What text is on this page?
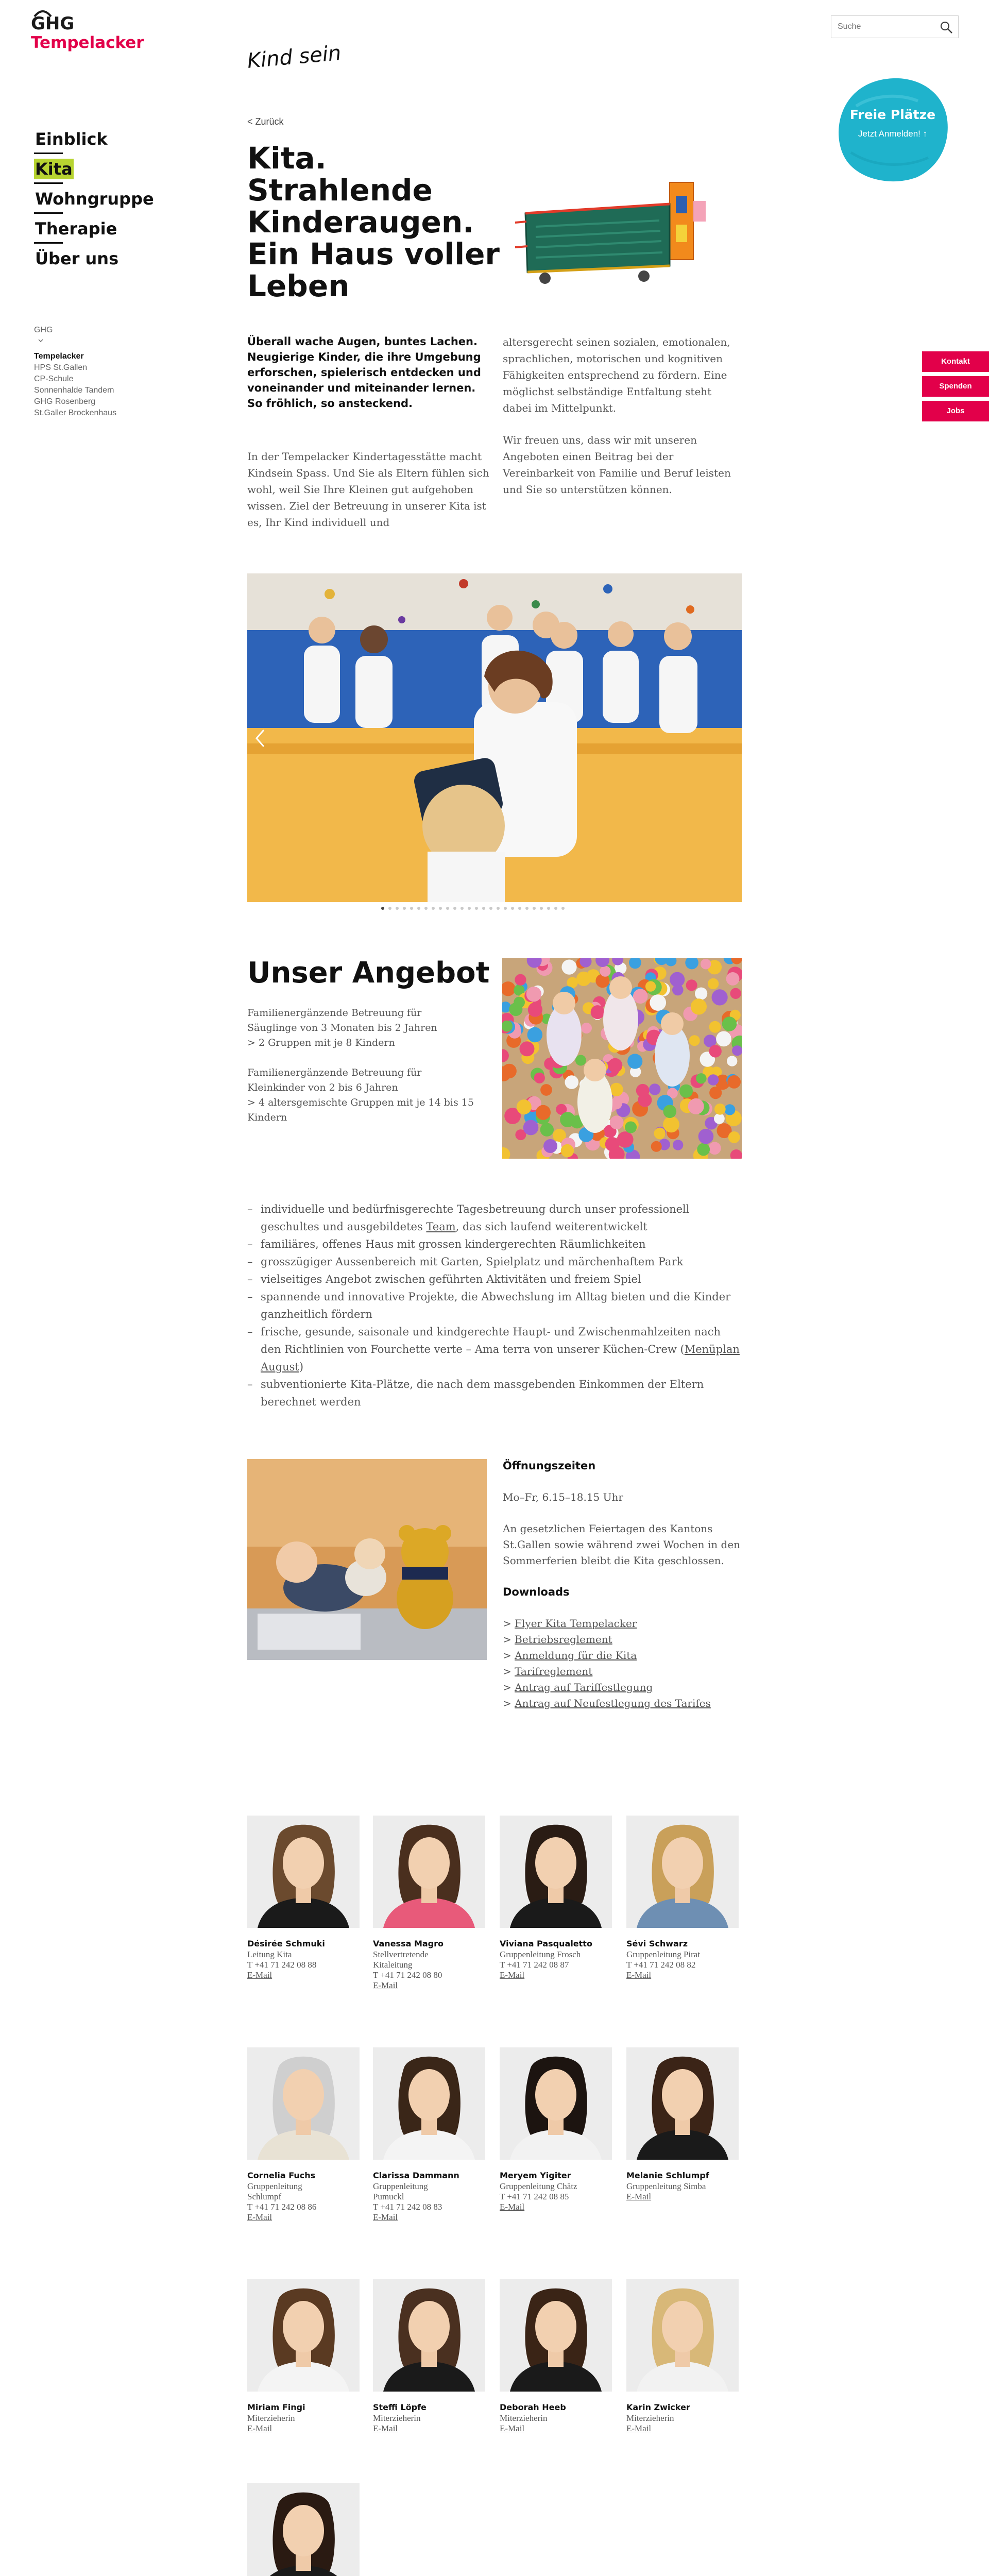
GHG
Tempelacker
Einblick
Kita
Wohngruppe
Therapie
Über uns
GHG
Tempelacker
HPS St.Gallen
CP-Schule
Sonnenhalde Tandem
GHG Rosenberg
St.Galler Brockenhaus
Suche
Freie Plätze
Jetzt Anmelden! ↑
Kontakt
Spenden
Jobs
Kind sein
< Zurück
Kita.
Strahlende
Kinderaugen.
Ein Haus voller
Leben
Überall wache Augen, buntes Lachen. Neugierige Kinder, die ihre Umgebung erforschen, spielerisch entdecken und voneinander und miteinander lernen. So fröhlich, so ansteckend.
In der Tempelacker Kindertagesstätte macht Kindsein Spass. Und Sie als Eltern fühlen sich wohl, weil Sie Ihre Kleinen gut aufgehoben wissen. Ziel der Betreuung in unserer Kita ist es, Ihr Kind individuell und

altersgerecht seinen sozialen, emotionalen, sprachlichen, motorischen und kognitiven Fähigkeiten entsprechend zu fördern. Eine möglichst selbständige Entfaltung steht dabei im Mittelpunkt.

Wir freuen uns, dass wir mit unseren Angeboten einen Beitrag bei der Vereinbarkeit von Familie und Beruf leisten und Sie so unterstützen können.

Unser Angebot

Familienergänzende Betreuung für
Säuglinge von 3 Monaten bis 2 Jahren
> 2 Gruppen mit je 8 Kindern

Familienergänzende Betreuung für
Kleinkinder von 2 bis 6 Jahren
> 4 altersgemischte Gruppen mit je 14 bis 15 Kindern

– individuelle und bedürfnisgerechte Tagesbetreuung durch unser professionell geschultes und ausgebildetes Team, das sich laufend weiterentwickelt
– familiäres, offenes Haus mit grossen kindergerechten Räumlichkeiten
– grosszügiger Aussenbereich mit Garten, Spielplatz und märchenhaftem Park
– vielseitiges Angebot zwischen geführten Aktivitäten und freiem Spiel
– spannende und innovative Projekte, die Abwechslung im Alltag bieten und die Kinder ganzheitlich fördern
– frische, gesunde, saisonale und kindgerechte Haupt- und Zwischenmahlzeiten nach den Richtlinien von Fourchette verte – Ama terra von unserer Küchen-Crew (Menüplan August)
– subventionierte Kita-Plätze, die nach dem massgebenden Einkommen der Eltern berechnet werden
Öffnungszeiten
Mo–Fr, 6.15–18.15 Uhr
An gesetzlichen Feiertagen des Kantons St.Gallen sowie während zwei Wochen in den Sommerferien bleibt die Kita geschlossen.
Downloads
> Flyer Kita Tempelacker
> Betriebsreglement
> Anmeldung für die Kita
> Tarifreglement
> Antrag auf Tariffestlegung
> Antrag auf Neufestlegung des Tarifes
Désirée Schmuki
Leitung Kita
T +41 71 242 08 88
E-Mail
Vanessa Magro
Stellvertretende
Kitaleitung
T +41 71 242 08 80
E-Mail
Viviana Pasqualetto
Gruppenleitung Frosch
T +41 71 242 08 87
E-Mail
Sévi Schwarz
Gruppenleitung Pirat
T +41 71 242 08 82
E-Mail
Cornelia Fuchs
Gruppenleitung
Schlumpf
T +41 71 242 08 86
E-Mail
Clarissa Dammann
Gruppenleitung
Pumuckl
T +41 71 242 08 83
E-Mail
Meryem Yigiter
Gruppenleitung Chätz
T +41 71 242 08 85
E-Mail
Melanie Schlumpf
Gruppenleitung Simba
E-Mail
Miriam Fingi
Miterzieherin
E-Mail
Steffi Löpfe
Miterzieherin
E-Mail
Deborah Heeb
Miterzieherin
E-Mail
Karin Zwicker
Miterzieherin
E-Mail
